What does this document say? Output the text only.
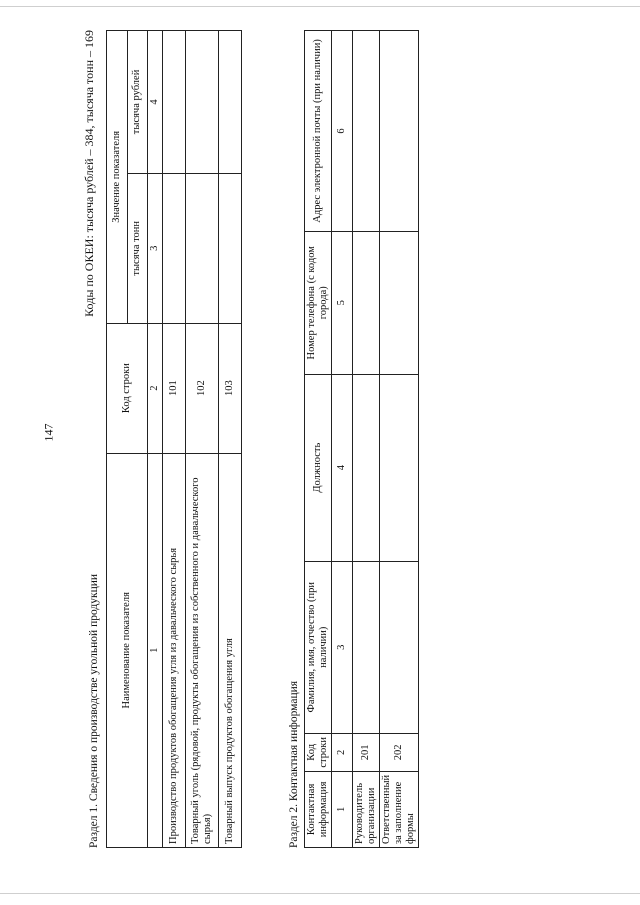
147
Коды по ОКЕИ: тысяча рублей – 384, тысяча тонн – 169
Раздел 1. Сведения о производстве угольной продукции Наименование показателя	Код строки	Значение показателя	
		тысяча тонн	тысяча рублей
1	2	3	4
Производство продуктов обогащения угля из давальческого сырья	101		
Товарный уголь (рядовой, продукты обогащения из собственного и давальческого сырья)	102		
Товарный выпуск продуктов обогащения угля	103		
Раздел 2. Контактная информация Контактная информация	Код строки	Фамилия, имя, отчество (при наличии)	Должность	Номер телефона (с кодом города)	Адрес электронной почты (при наличии)
1	2	3	4	5	6
Руководитель организации	201				
Ответственный за заполнение формы	202				
